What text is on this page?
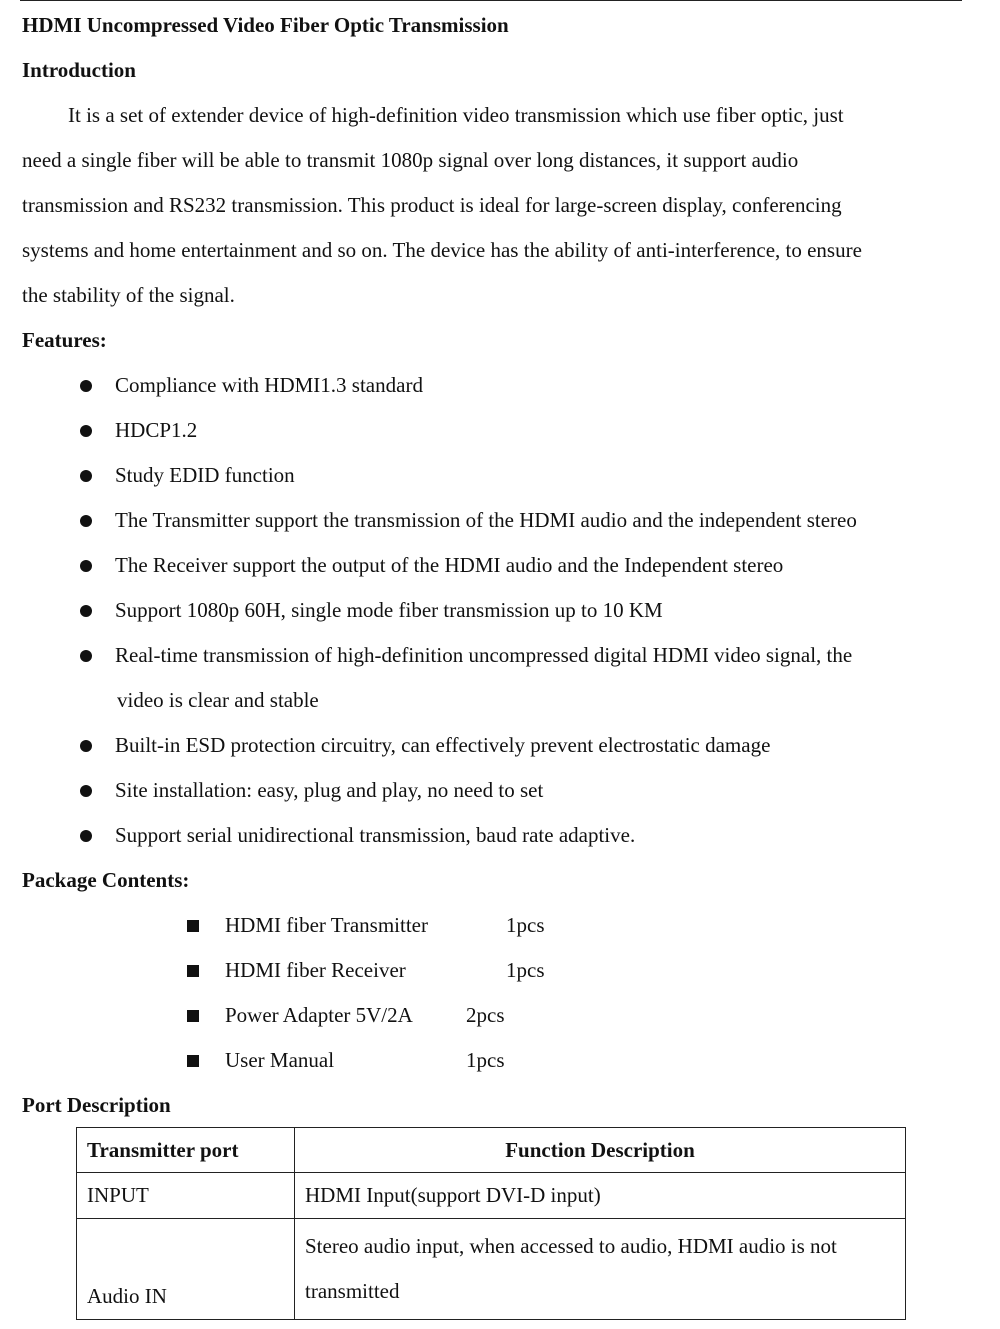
HDMI Uncompressed Video Fiber Optic Transmission
Introduction
It is a set of extender device of high-definition video transmission which use fiber optic, just
need a single fiber will be able to transmit 1080p signal over long distances, it support audio
transmission and RS232 transmission. This product is ideal for large-screen display, conferencing
systems and home entertainment and so on. The device has the ability of anti-interference, to ensure
the stability of the signal.
Features:
Compliance with HDMI1.3 standard
HDCP1.2
Study EDID function
The Transmitter support the transmission of the HDMI audio and the independent stereo
The Receiver support the output of the HDMI audio and the Independent stereo
Support 1080p 60H, single mode fiber transmission up to 10 KM
Real-time transmission of high-definition uncompressed digital HDMI video signal, the
video is clear and stable
Built-in ESD protection circuitry, can effectively prevent electrostatic damage
Site installation: easy, plug and play, no need to set
Support serial unidirectional transmission, baud rate adaptive.
Package Contents:
HDMI fiber Transmitter	1pcs
HDMI fiber Receiver	1pcs
Power Adapter 5V/2A	2pcs
User Manual	1pcs
Port Description
Transmitter port	Function Description
INPUT	HDMI Input(support DVI-D input)
Audio IN	Stereo audio input, when accessed to audio, HDMI audio is not
transmitted
